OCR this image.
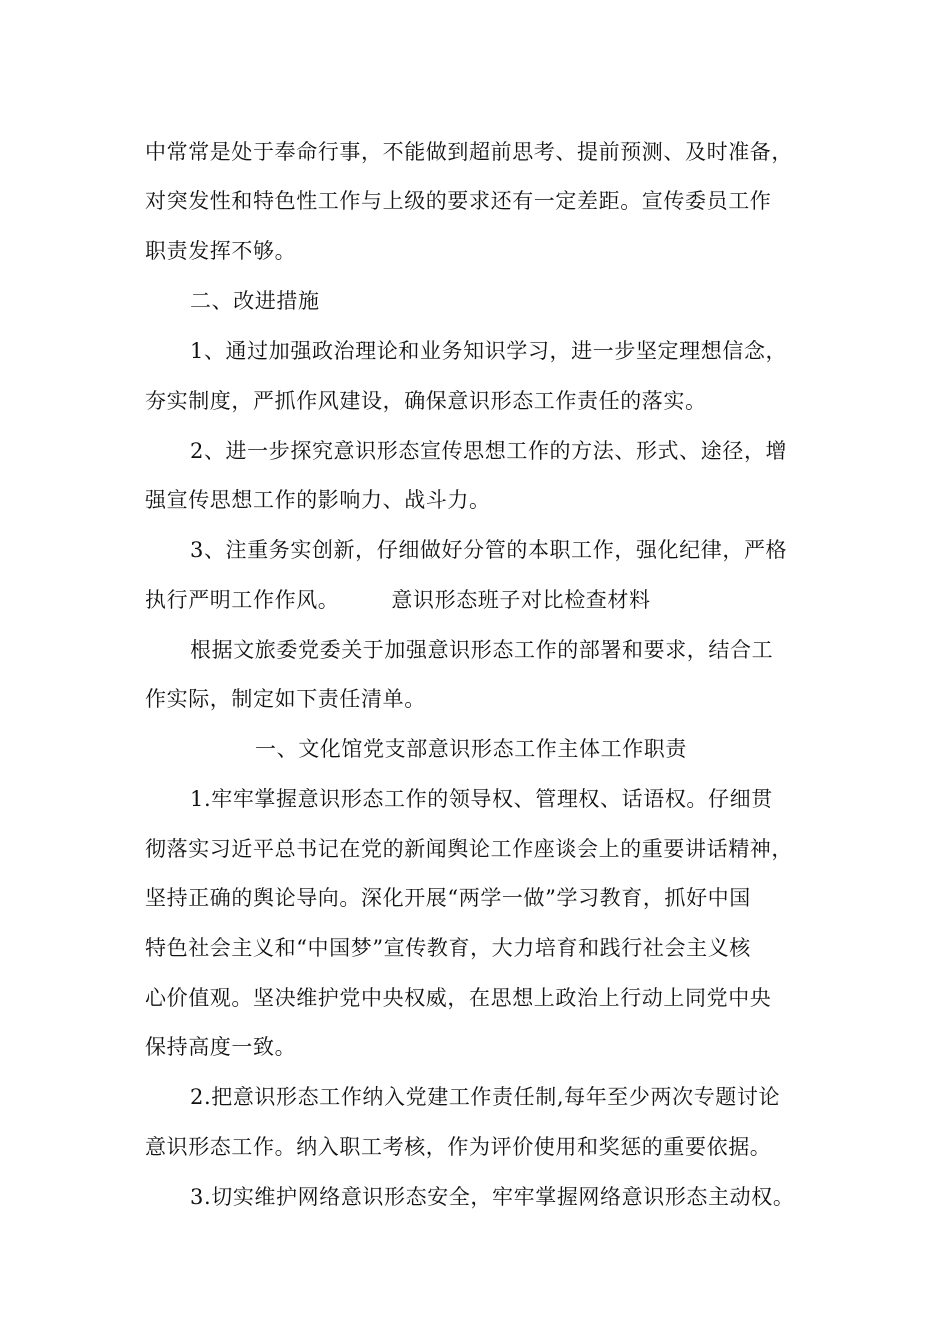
中常常是处于奉命行事，不能做到超前思考、提前预测、及时准备，
对突发性和特色性工作与上级的要求还有一定差距。宣传委员工作
职责发挥不够。
二、改进措施
1、通过加强政治理论和业务知识学习，进一步坚定理想信念，
夯实制度，严抓作风建设，确保意识形态工作责任的落实。
2、进一步探究意识形态宣传思想工作的方法、形式、途径，增
强宣传思想工作的影响力、战斗力。
3、注重务实创新，仔细做好分管的本职工作，强化纪律，严格
执行严明工作作风。 意识形态班子对比检查材料
根据文旅委党委关于加强意识形态工作的部署和要求，结合工
作实际，制定如下责任清单。
一、文化馆党支部意识形态工作主体工作职责
1.牢牢掌握意识形态工作的领导权、管理权、话语权。仔细贯
彻落实习近平总书记在党的新闻舆论工作座谈会上的重要讲话精神，
坚持正确的舆论导向。深化开展“两学一做”学习教育，抓好中国
特色社会主义和“中国梦”宣传教育，大力培育和践行社会主义核
心价值观。坚决维护党中央权威，在思想上政治上行动上同党中央
保持高度一致。
2.把意识形态工作纳入党建工作责任制,每年至少两次专题讨论
意识形态工作。纳入职工考核，作为评价使用和奖惩的重要依据。
3.切实维护网络意识形态安全，牢牢掌握网络意识形态主动权。
